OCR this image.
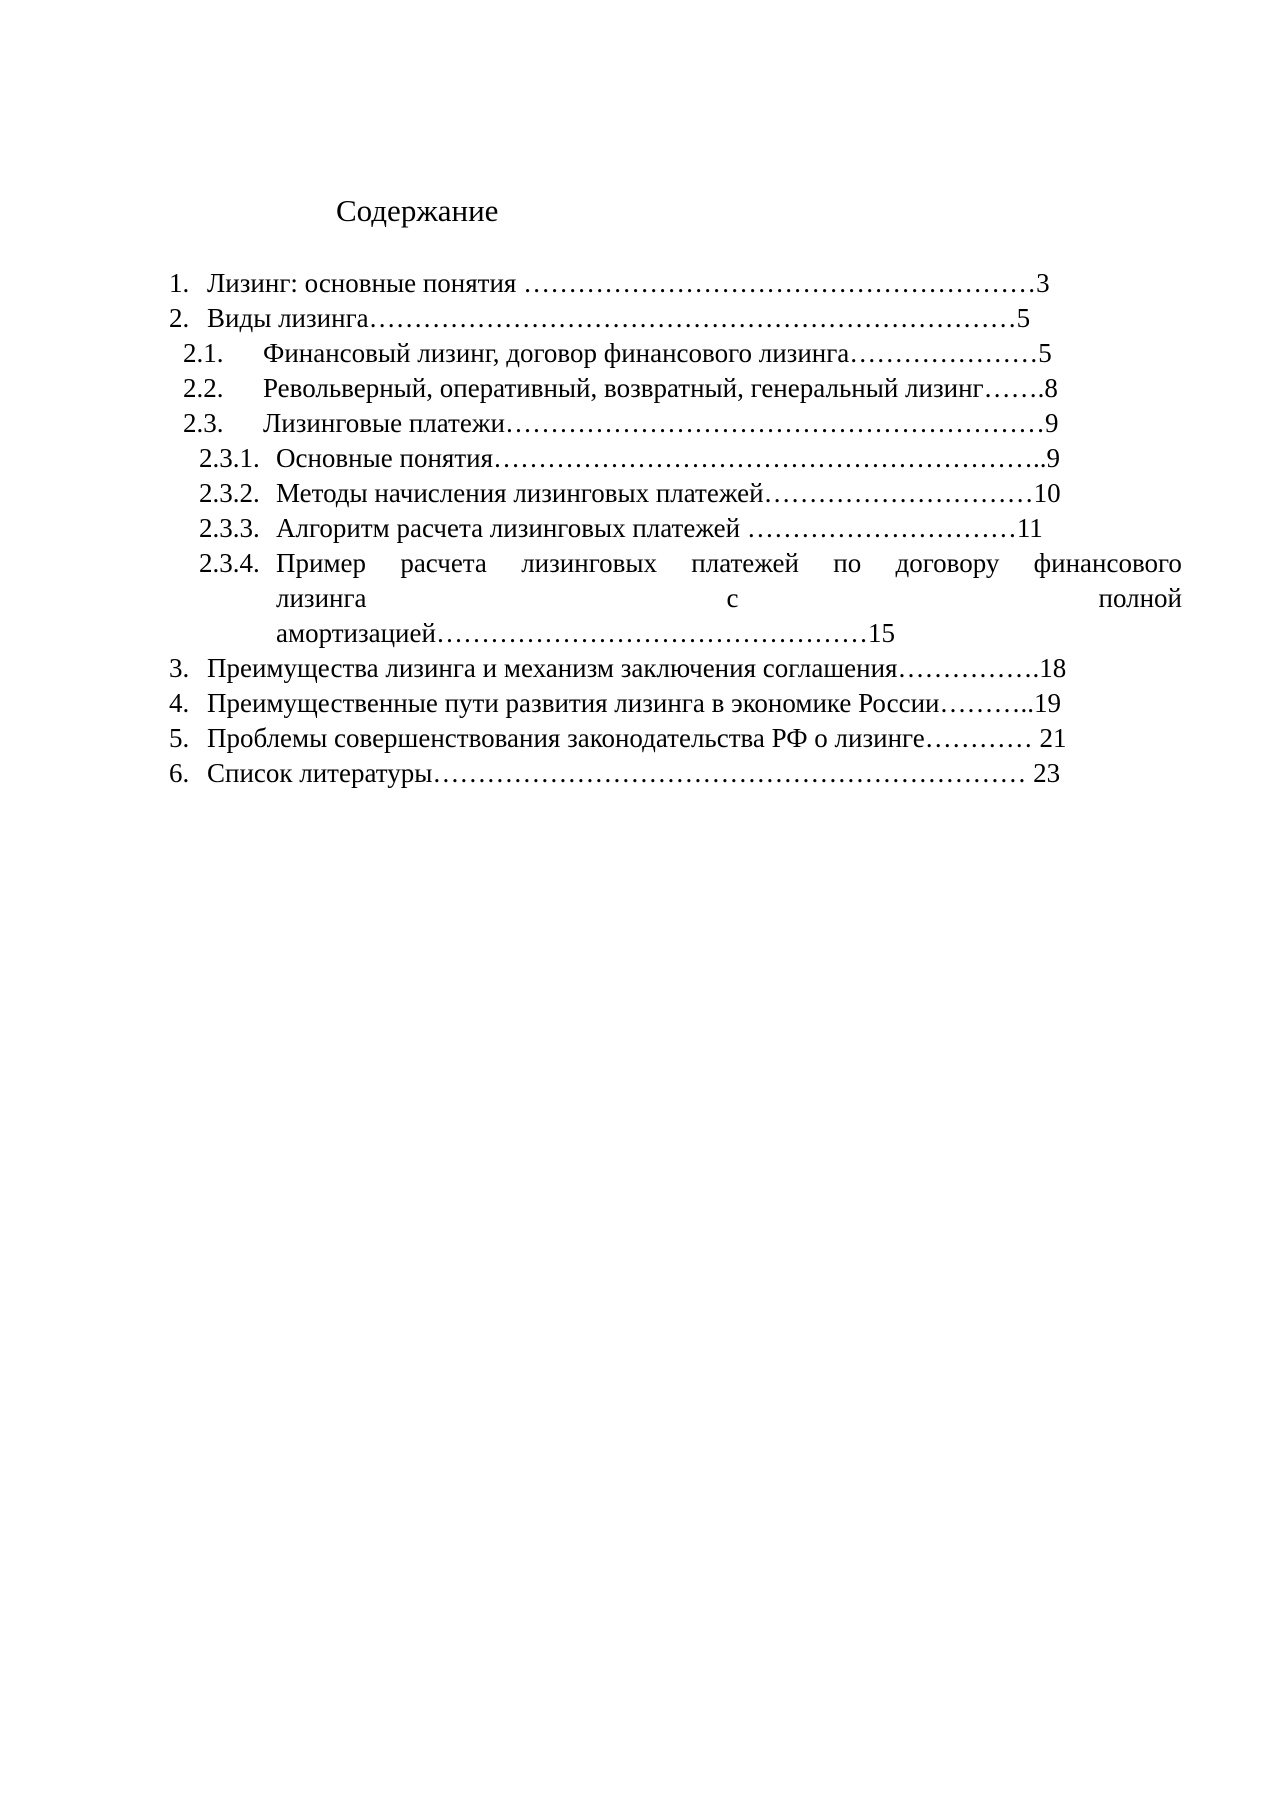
Содержание
1. Лизинг: основные понятия …………………………………………………3
2. Виды лизинга………………………………………………………………5
2.1. Финансовый лизинг, договор финансового лизинга…………………5
2.2. Револьверный, оперативный, возвратный, генеральный лизинг…….8
2.3. Лизинговые платежи……………………………………………………9
2.3.1. Основные понятия……………………………………………………..9
2.3.2. Методы начисления лизинговых платежей…………………………10
2.3.3. Алгоритм расчета лизинговых платежей …………………………11
2.3.4. Пример расчета лизинговых платежей по договору финансового
лизинга	с	полной
амортизацией…………………………………………15
3. Преимущества лизинга и механизм заключения соглашения…………….18
4. Преимущественные пути развития лизинга в экономике России………..19
5. Проблемы совершенствования законодательства РФ о лизинге………… 21
6. Список литературы………………………………………………………… 23
